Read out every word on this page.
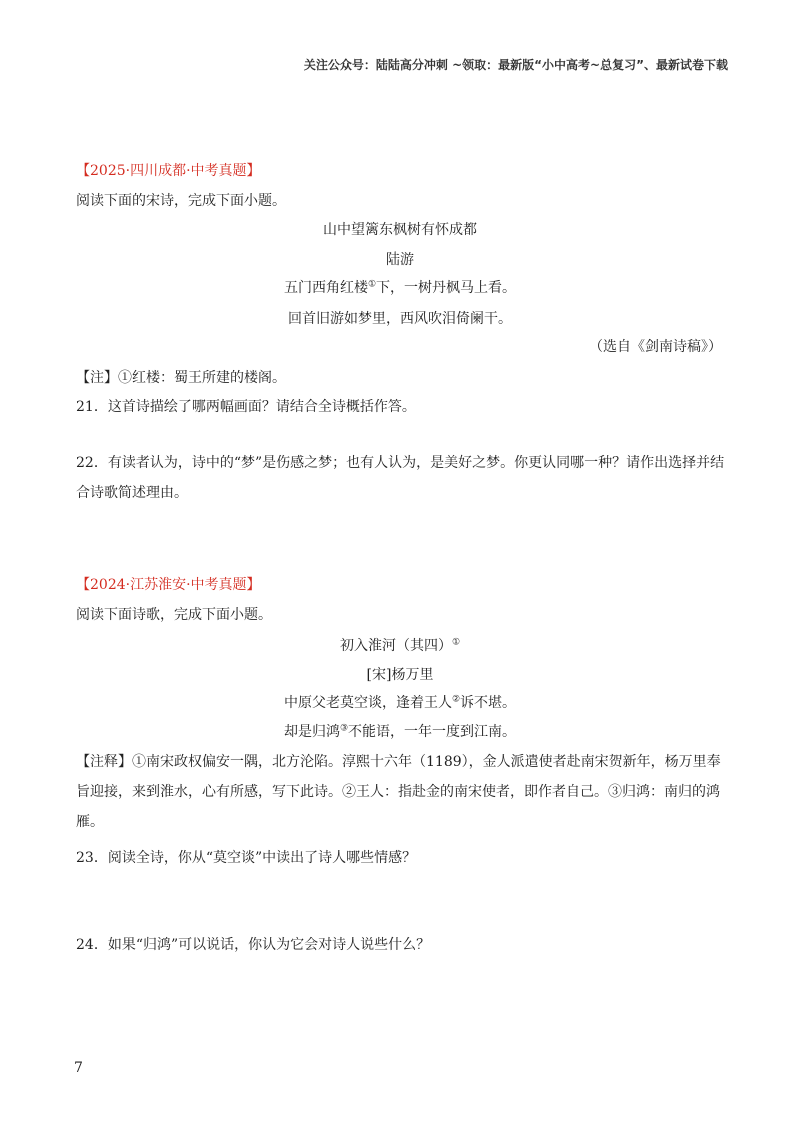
关注公众号：陆陆高分冲刺 ~领取：最新版“小中高考~总复习”、最新试卷下载
【2025·四川成都·中考真题】
阅读下面的宋诗，完成下面小题。
山中望篱东枫树有怀成都
陆游
五门西角红楼①下，一树丹枫马上看。
回首旧游如梦里，西风吹泪倚阑干。
（选自《剑南诗稿》）
【注】①红楼：蜀王所建的楼阁。
21．这首诗描绘了哪两幅画面？请结合全诗概括作答。
22．有读者认为，诗中的“梦”是伤感之梦；也有人认为，是美好之梦。你更认同哪一种？请作出选择并结合诗歌简述理由。
【2024·江苏淮安·中考真题】
阅读下面诗歌，完成下面小题。
初入淮河（其四）①
[宋]杨万里
中原父老莫空谈，逢着王人②诉不堪。
却是归鸿③不能语，一年一度到江南。
【注释】①南宋政权偏安一隅，北方沦陷。淳熙十六年（1189），金人派遣使者赴南宋贺新年，杨万里奉旨迎接，来到淮水，心有所感，写下此诗。②王人：指赴金的南宋使者，即作者自己。③归鸿：南归的鸿雁。
23．阅读全诗，你从“莫空谈”中读出了诗人哪些情感？
24．如果“归鸿”可以说话，你认为它会对诗人说些什么？
7
